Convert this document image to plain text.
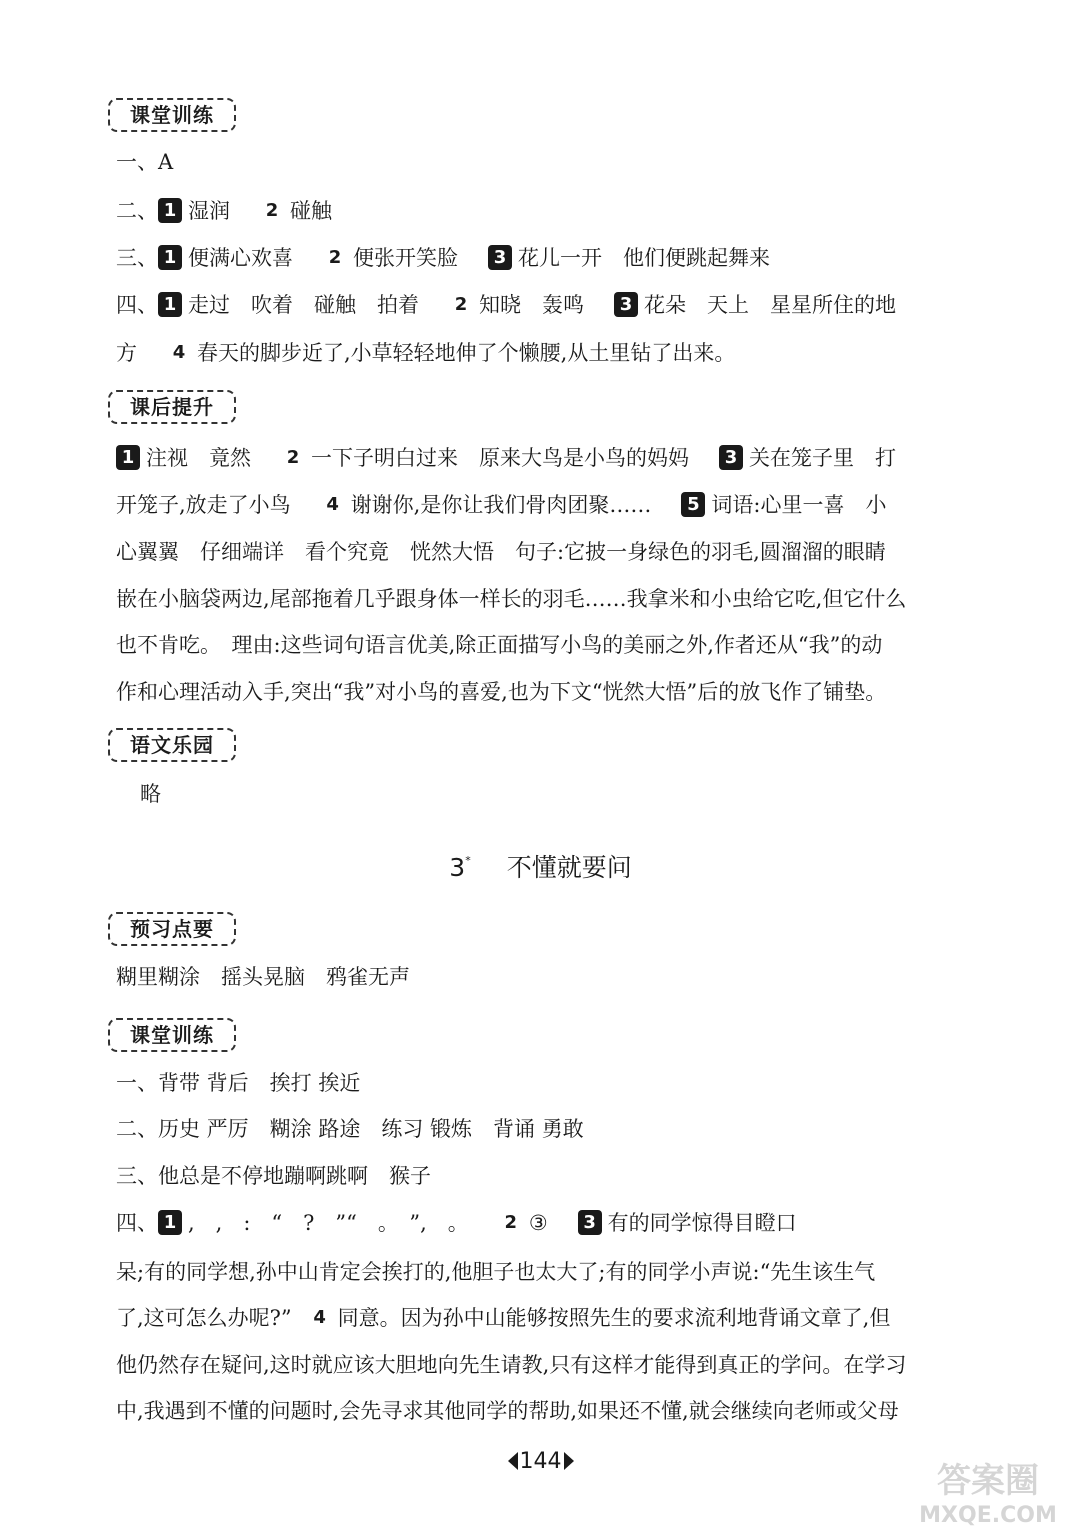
课堂训练
一、A
二、 1 湿润 2 碰触
三、 1 便满心欢喜 2 便张开笑脸 3 花儿一开　他们便跳起舞来
四、 1 走过　吹着　碰触　拍着 2 知晓　轰鸣 3 花朵　天上　星星所住的地
方 4 春天的脚步近了,小草轻轻地伸了个懒腰,从土里钻了出来。
课后提升
1 注视　竟然 2 一下子明白过来　原来大鸟是小鸟的妈妈 3 关在笼子里　打
开笼子,放走了小鸟 4 谢谢你,是你让我们骨肉团聚…… 5 词语:心里一喜　小
心翼翼　仔细端详　看个究竟　恍然大悟　句子:它披一身绿色的羽毛,圆溜溜的眼睛
嵌在小脑袋两边,尾部拖着几乎跟身体一样长的羽毛……我拿米和小虫给它吃,但它什么
也不肯吃。　理由:这些词句语言优美,除正面描写小鸟的美丽之外,作者还从“我”的动
作和心理活动入手,突出“我”对小鸟的喜爱,也为下文“恍然大悟”后的放飞作了铺垫。
语文乐园
略
3* 不懂就要问
预习点要
糊里糊涂　摇头晃脑　鸦雀无声
课堂训练
一、背带 背后　挨打 挨近
二、历史 严厉　糊涂 路途　练习 锻炼　背诵 勇敢
三、他总是不停地蹦啊跳啊　猴子
四、 1 ,　,　:　“　?　”“　。　”,　。 2 ③ 3 有的同学惊得目瞪口
呆;有的同学想,孙中山肯定会挨打的,他胆子也太大了;有的同学小声说:“先生该生气
了,这可怎么办呢?” 4 同意。因为孙中山能够按照先生的要求流利地背诵文章了,但
他仍然存在疑问,这时就应该大胆地向先生请教,只有这样才能得到真正的学问。在学习
中,我遇到不懂的问题时,会先寻求其他同学的帮助,如果还不懂,就会继续向老师或父母
144	答案圈
MXQE.COM
